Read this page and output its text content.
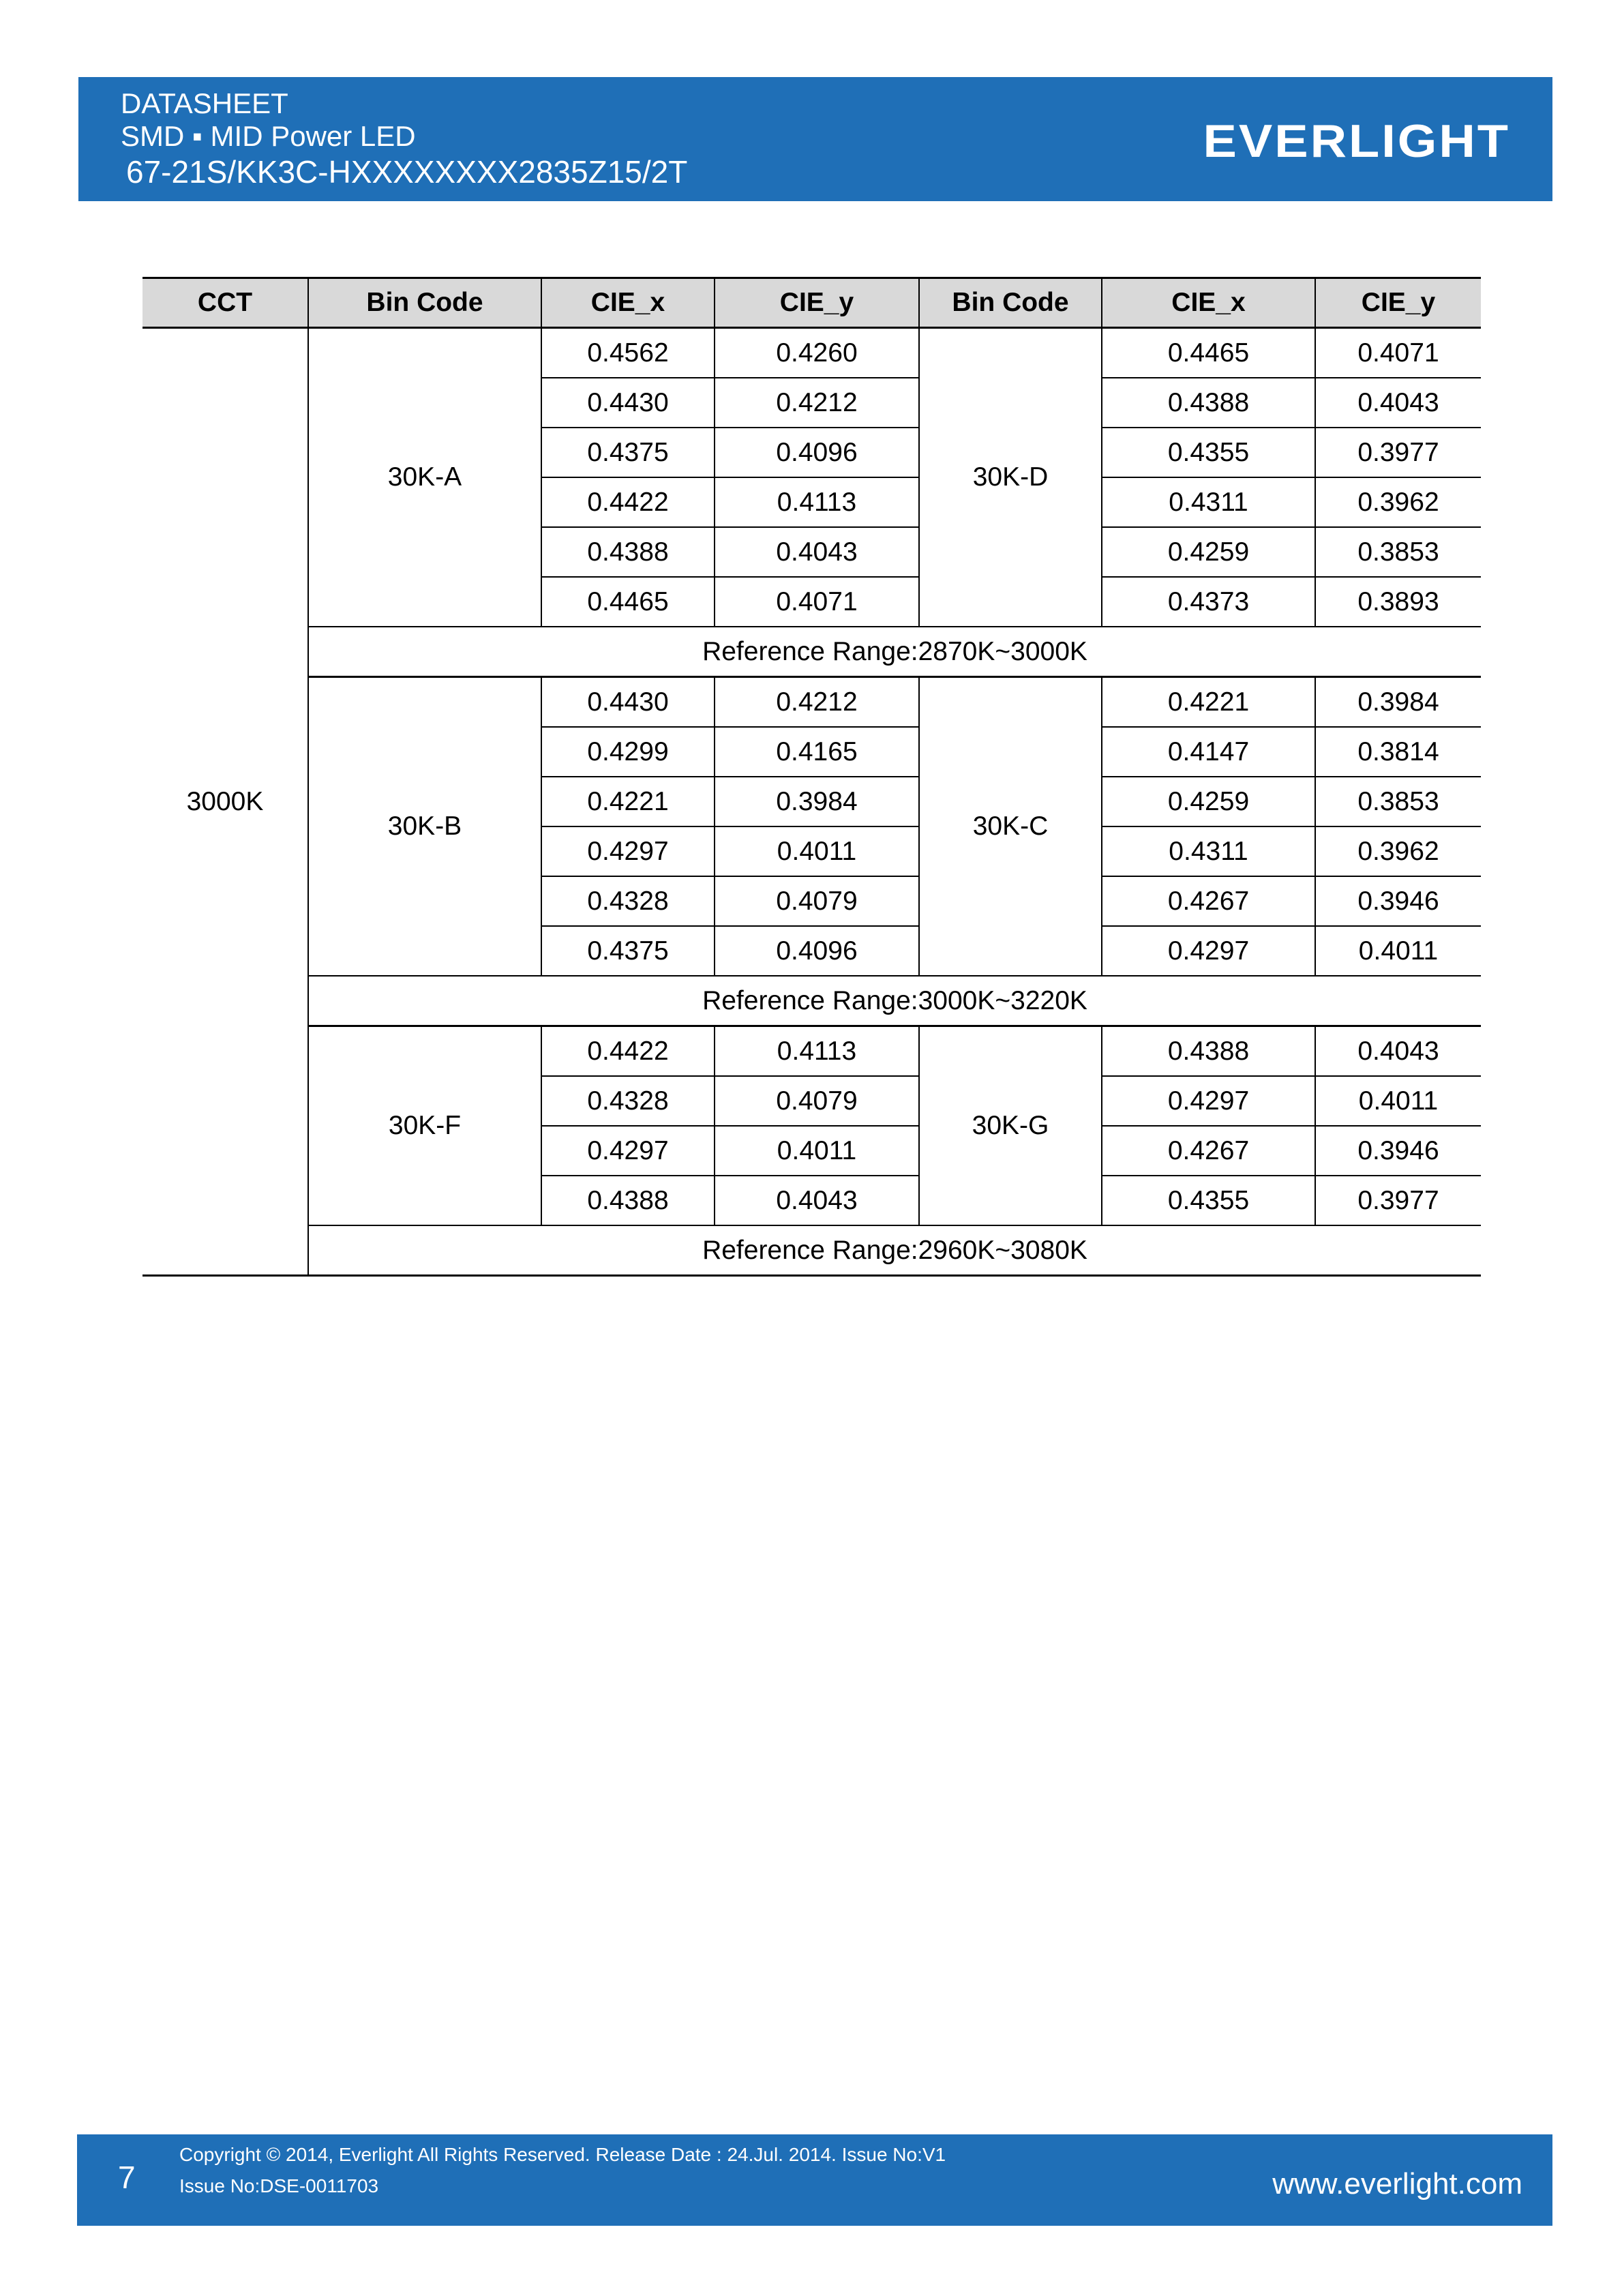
DATASHEET
SMD ▪ MID Power LED
67-21S/KK3C-HXXXXXXXX2835Z15/2T
EVERLIGHT
CCT	Bin Code	CIE_x	CIE_y	Bin Code	CIE_x	CIE_y
3000K	30K-A	0.4562	0.4260	30K-D	0.4465	0.4071
		0.4430	0.4212		0.4388	0.4043
		0.4375	0.4096		0.4355	0.3977
		0.4422	0.4113		0.4311	0.3962
		0.4388	0.4043		0.4259	0.3853
		0.4465	0.4071		0.4373	0.3893
	Reference Range:2870K~3000K					
	30K-B	0.4430	0.4212	30K-C	0.4221	0.3984
		0.4299	0.4165		0.4147	0.3814
		0.4221	0.3984		0.4259	0.3853
		0.4297	0.4011		0.4311	0.3962
		0.4328	0.4079		0.4267	0.3946
		0.4375	0.4096		0.4297	0.4011
	Reference Range:3000K~3220K					
	30K-F	0.4422	0.4113	30K-G	0.4388	0.4043
		0.4328	0.4079		0.4297	0.4011
		0.4297	0.4011		0.4267	0.3946
		0.4388	0.4043		0.4355	0.3977
	Reference Range:2960K~3080K					
7
Copyright © 2014, Everlight All Rights Reserved. Release Date : 24.Jul. 2014. Issue No:V1
Issue No:DSE-0011703	www.everlight.com
